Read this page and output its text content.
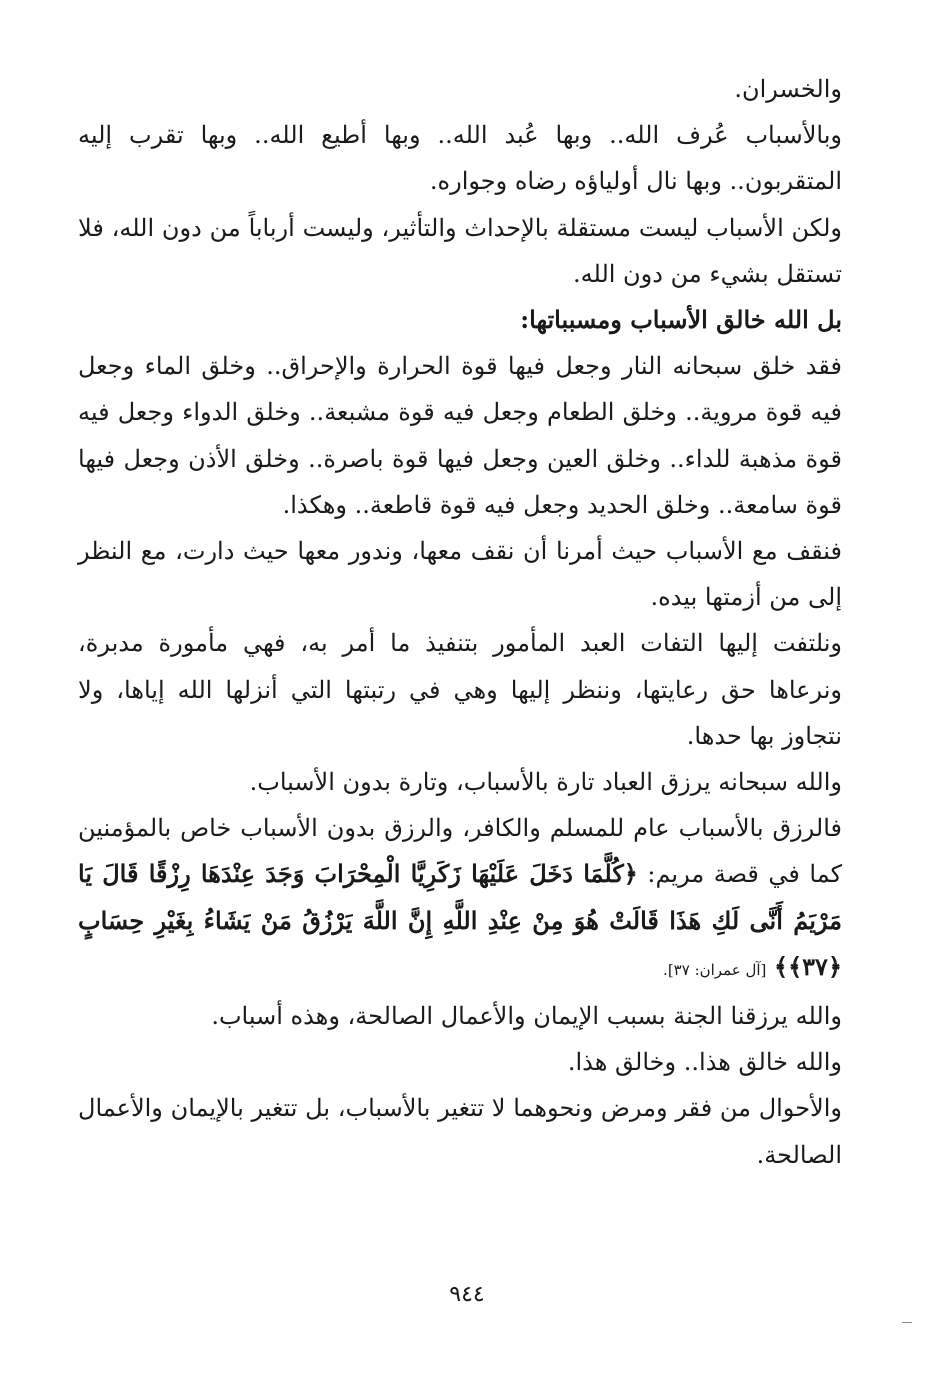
والخسران.

وبالأسباب عُرف الله.. وبها عُبد الله.. وبها أطيع الله.. وبها تقرب إليه المتقربون.. وبها نال أولياؤه رضاه وجواره.

ولكن الأسباب ليست مستقلة بالإحداث والتأثير، وليست أرباباً من دون الله، فلا تستقل بشيء من دون الله.

بل الله خالق الأسباب ومسبباتها:

فقد خلق سبحانه النار وجعل فيها قوة الحرارة والإحراق.. وخلق الماء وجعل فيه قوة مروية.. وخلق الطعام وجعل فيه قوة مشبعة.. وخلق الدواء وجعل فيه قوة مذهبة للداء.. وخلق العين وجعل فيها قوة باصرة.. وخلق الأذن وجعل فيها قوة سامعة.. وخلق الحديد وجعل فيه قوة قاطعة.. وهكذا.

فنقف مع الأسباب حيث أمرنا أن نقف معها، وندور معها حيث دارت، مع النظر إلى من أزمتها بيده.

ونلتفت إليها التفات العبد المأمور بتنفيذ ما أمر به، فهي مأمورة مدبرة، ونرعاها حق رعايتها، وننظر إليها وهي في رتبتها التي أنزلها الله إياها، ولا نتجاوز بها حدها.

والله سبحانه يرزق العباد تارة بالأسباب، وتارة بدون الأسباب.

فالرزق بالأسباب عام للمسلم والكافر، والرزق بدون الأسباب خاص بالمؤمنين كما في قصة مريم: ﴿كُلَّمَا دَخَلَ عَلَيْهَا زَكَرِيَّا الْمِحْرَابَ وَجَدَ عِنْدَهَا رِزْقًا قَالَ يَا مَرْيَمُ أَنَّى لَكِ هَذَا قَالَتْ هُوَ مِنْ عِنْدِ اللَّهِ إِنَّ اللَّهَ يَرْزُقُ مَنْ يَشَاءُ بِغَيْرِ حِسَابٍ ﴿٣٧﴾﴾ [آل عمران: ٣٧].

والله يرزقنا الجنة بسبب الإيمان والأعمال الصالحة، وهذه أسباب.

والله خالق هذا.. وخالق هذا.

والأحوال من فقر ومرض ونحوهما لا تتغير بالأسباب، بل تتغير بالإيمان والأعمال الصالحة.

٩٤٤
